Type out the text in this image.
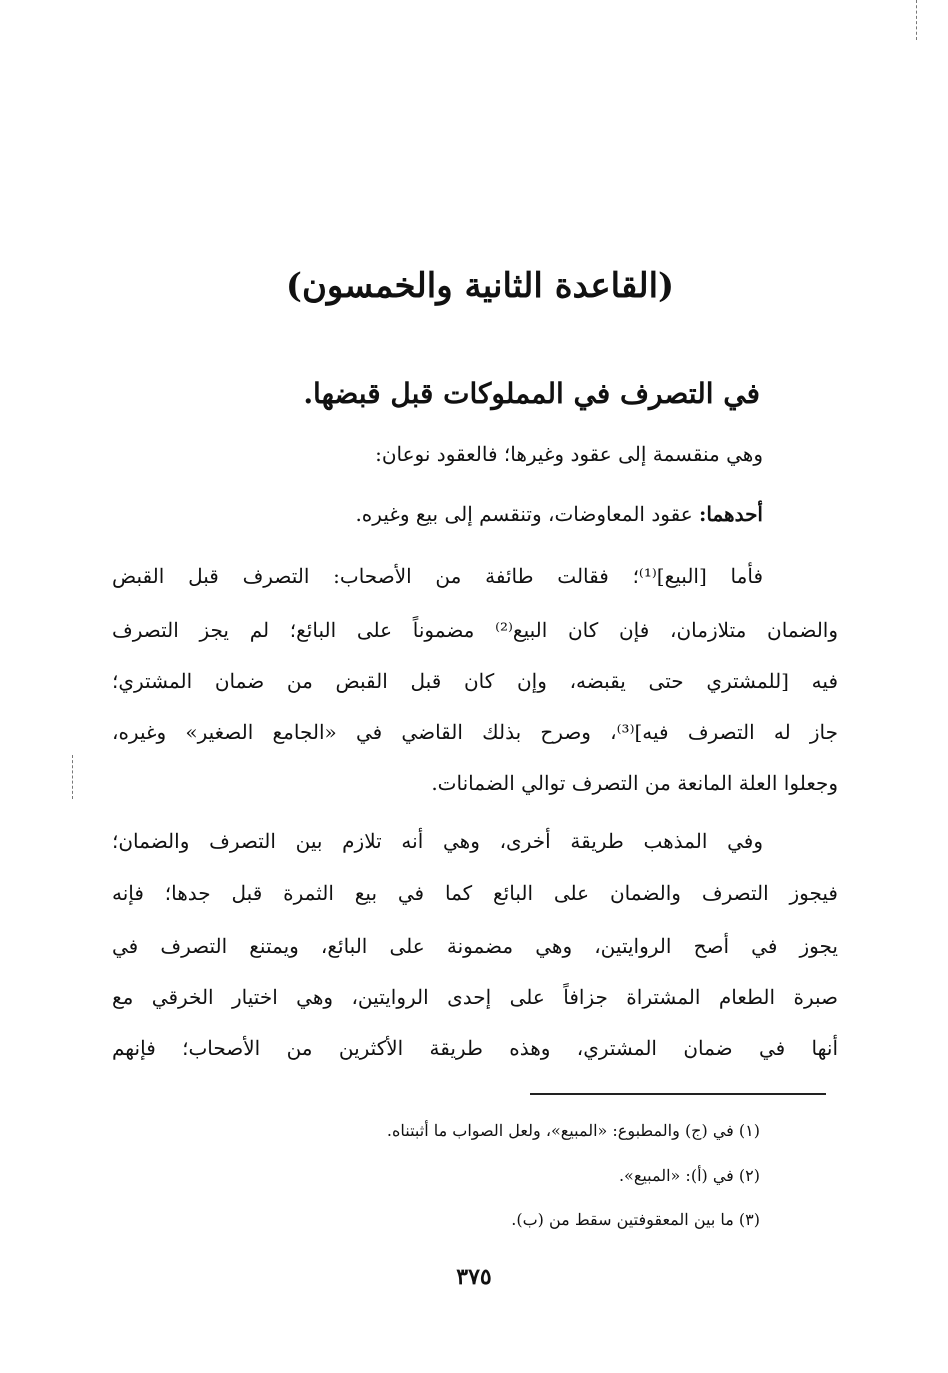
(القاعدة الثانية والخمسون)
في التصرف في المملوكات قبل قبضها.
وهي منقسمة إلى عقود وغيرها؛ فالعقود نوعان:
أحدهما: عقود المعاوضات، وتنقسم إلى بيع وغيره.
فأما [البيع]⁽¹⁾؛ فقالت طائفة من الأصحاب: التصرف قبل القبض
والضمان متلازمان، فإن كان البيع⁽²⁾ مضموناً على البائع؛ لم يجز التصرف
فيه [للمشتري حتى يقبضه، وإن كان قبل القبض من ضمان المشتري؛
جاز له التصرف فيه]⁽³⁾، وصرح بذلك القاضي في «الجامع الصغير» وغيره،
وجعلوا العلة المانعة من التصرف توالي الضمانات.
وفي المذهب طريقة أخرى، وهي أنه تلازم بين التصرف والضمان؛
فيجوز التصرف والضمان على البائع كما في بيع الثمرة قبل جدها؛ فإنه
يجوز في أصح الروايتين، وهي مضمونة على البائع، ويمتنع التصرف في
صبرة الطعام المشتراة جزافاً على إحدى الروايتين، وهي اختيار الخرقي مع
أنها في ضمان المشتري، وهذه طريقة الأكثرين من الأصحاب؛ فإنهم
(١) في (ج) والمطبوع: «المبيع»، ولعل الصواب ما أثبتناه.
(٢) في (أ): «المبيع».
(٣) ما بين المعقوفتين سقط من (ب).
٣٧٥
